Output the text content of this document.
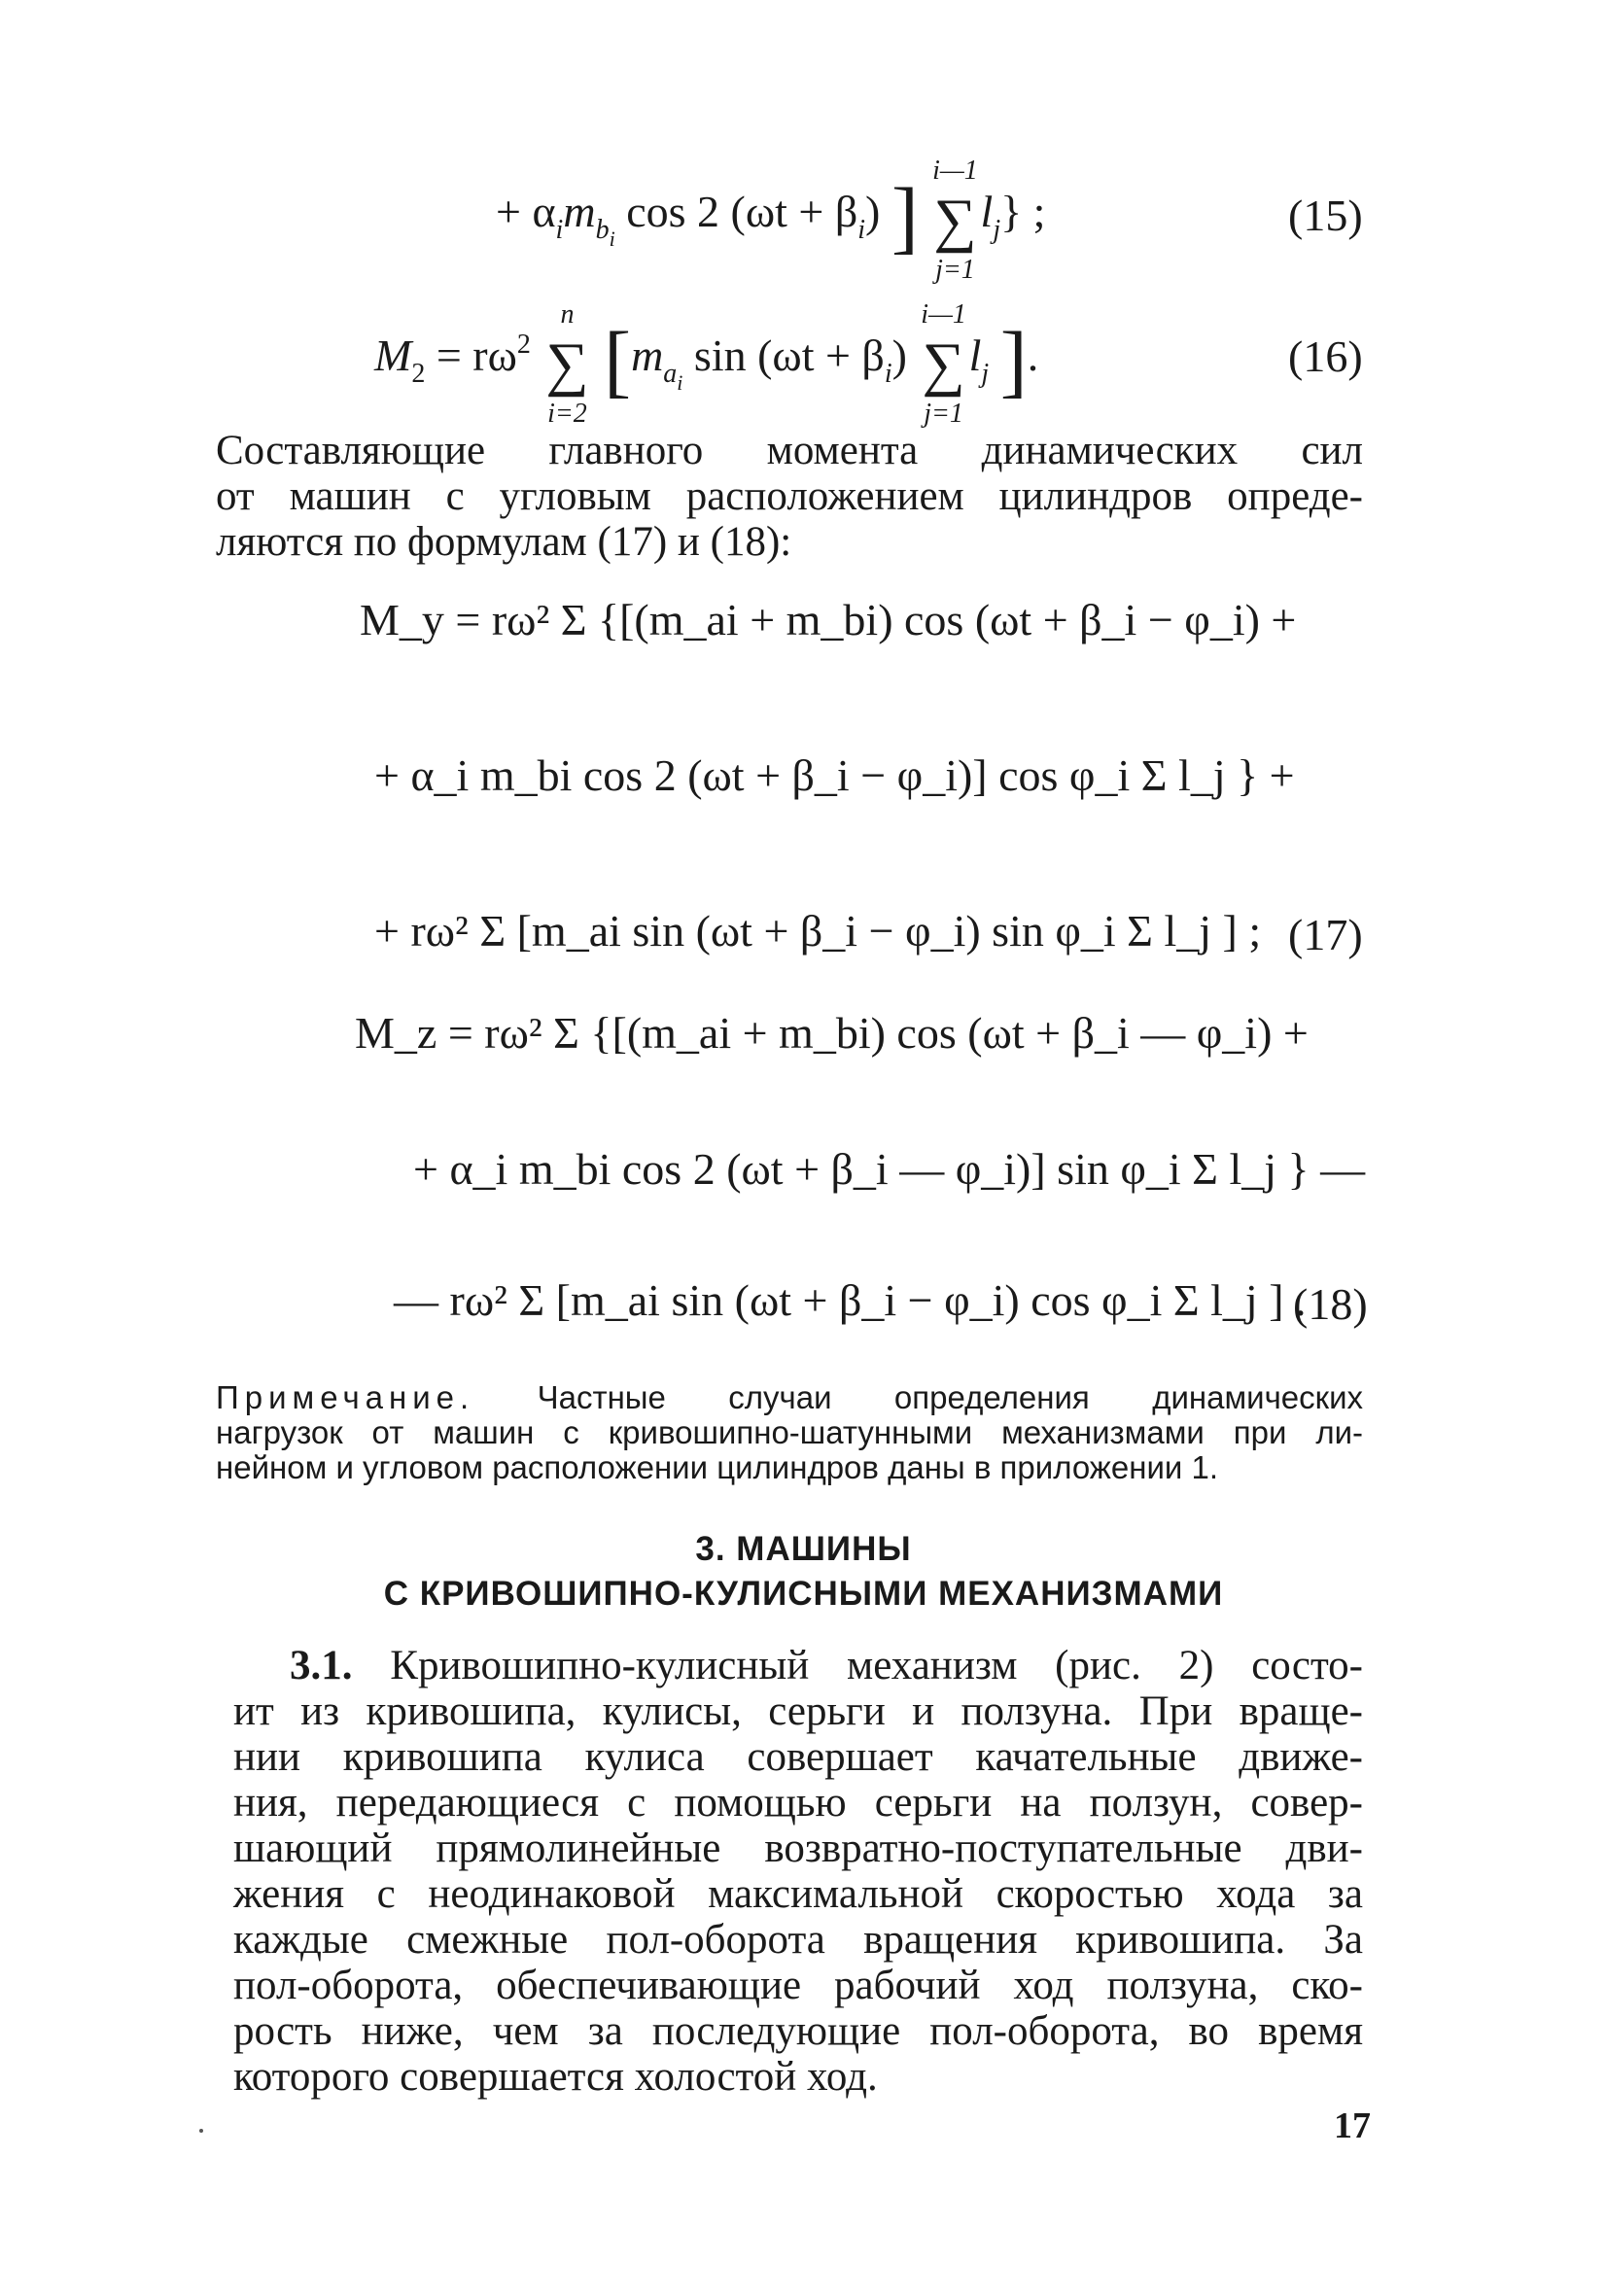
+ $\alpha_im_{bi}$ cos 2 $(\omega t + \beta_i)$ ] ∑
i—1
j=1
$l_j$} ;	(15)
$M_2 = r\omega^2$ ∑
n
i=2
[$m_{ai}$ $\sin (\omega t + \beta_i)$ ∑
i—1
j=1
$l_j$ ].	(16)
Составляющие главного момента динамических сил
от машин с угловым расположением цилиндров опреде-
ляются по формулам (17) и (18):
M_y = rω² Σ {[(m_ai + m_bi) cos (ωt + β_i − φ_i) +
+ α_i m_bi cos 2 (ωt + β_i − φ_i)] cos φ_i Σ l_j } +
+ rω² Σ [m_ai sin (ωt + β_i − φ_i) sin φ_i Σ l_j ] ; (17)
M_z = rω² Σ {[(m_ai + m_bi) cos (ωt + β_i — φ_i) +
+ α_i m_bi cos 2 (ωt + β_i — φ_i)] sin φ_i Σ l_j } —
— rω² Σ [m_ai sin (ωt + β_i − φ_i) cos φ_i Σ l_j ] .
(18)
Примечание. Частные случаи определения динамических
нагрузок от машин с кривошипно-шатунными механизмами при ли-
нейном и угловом расположении цилиндров даны в приложении 1.
3. МАШИНЫ
С КРИВОШИПНО-КУЛИСНЫМИ МЕХАНИЗМАМИ
3.1. Кривошипно-кулисный механизм (рис. 2) состо-
ит из кривошипа, кулисы, серьги и ползуна. При враще-
нии кривошипа кулиса совершает качательные движе-
ния, передающиеся с помощью серьги на ползун, совер-
шающий прямолинейные возвратно-поступательные дви-
жения с неодинаковой максимальной скоростью хода за
каждые смежные пол-оборота вращения кривошипа. За
пол-оборота, обеспечивающие рабочий ход ползуна, ско-
рость ниже, чем за последующие пол-оборота, во время
которого совершается холостой ход.
17
